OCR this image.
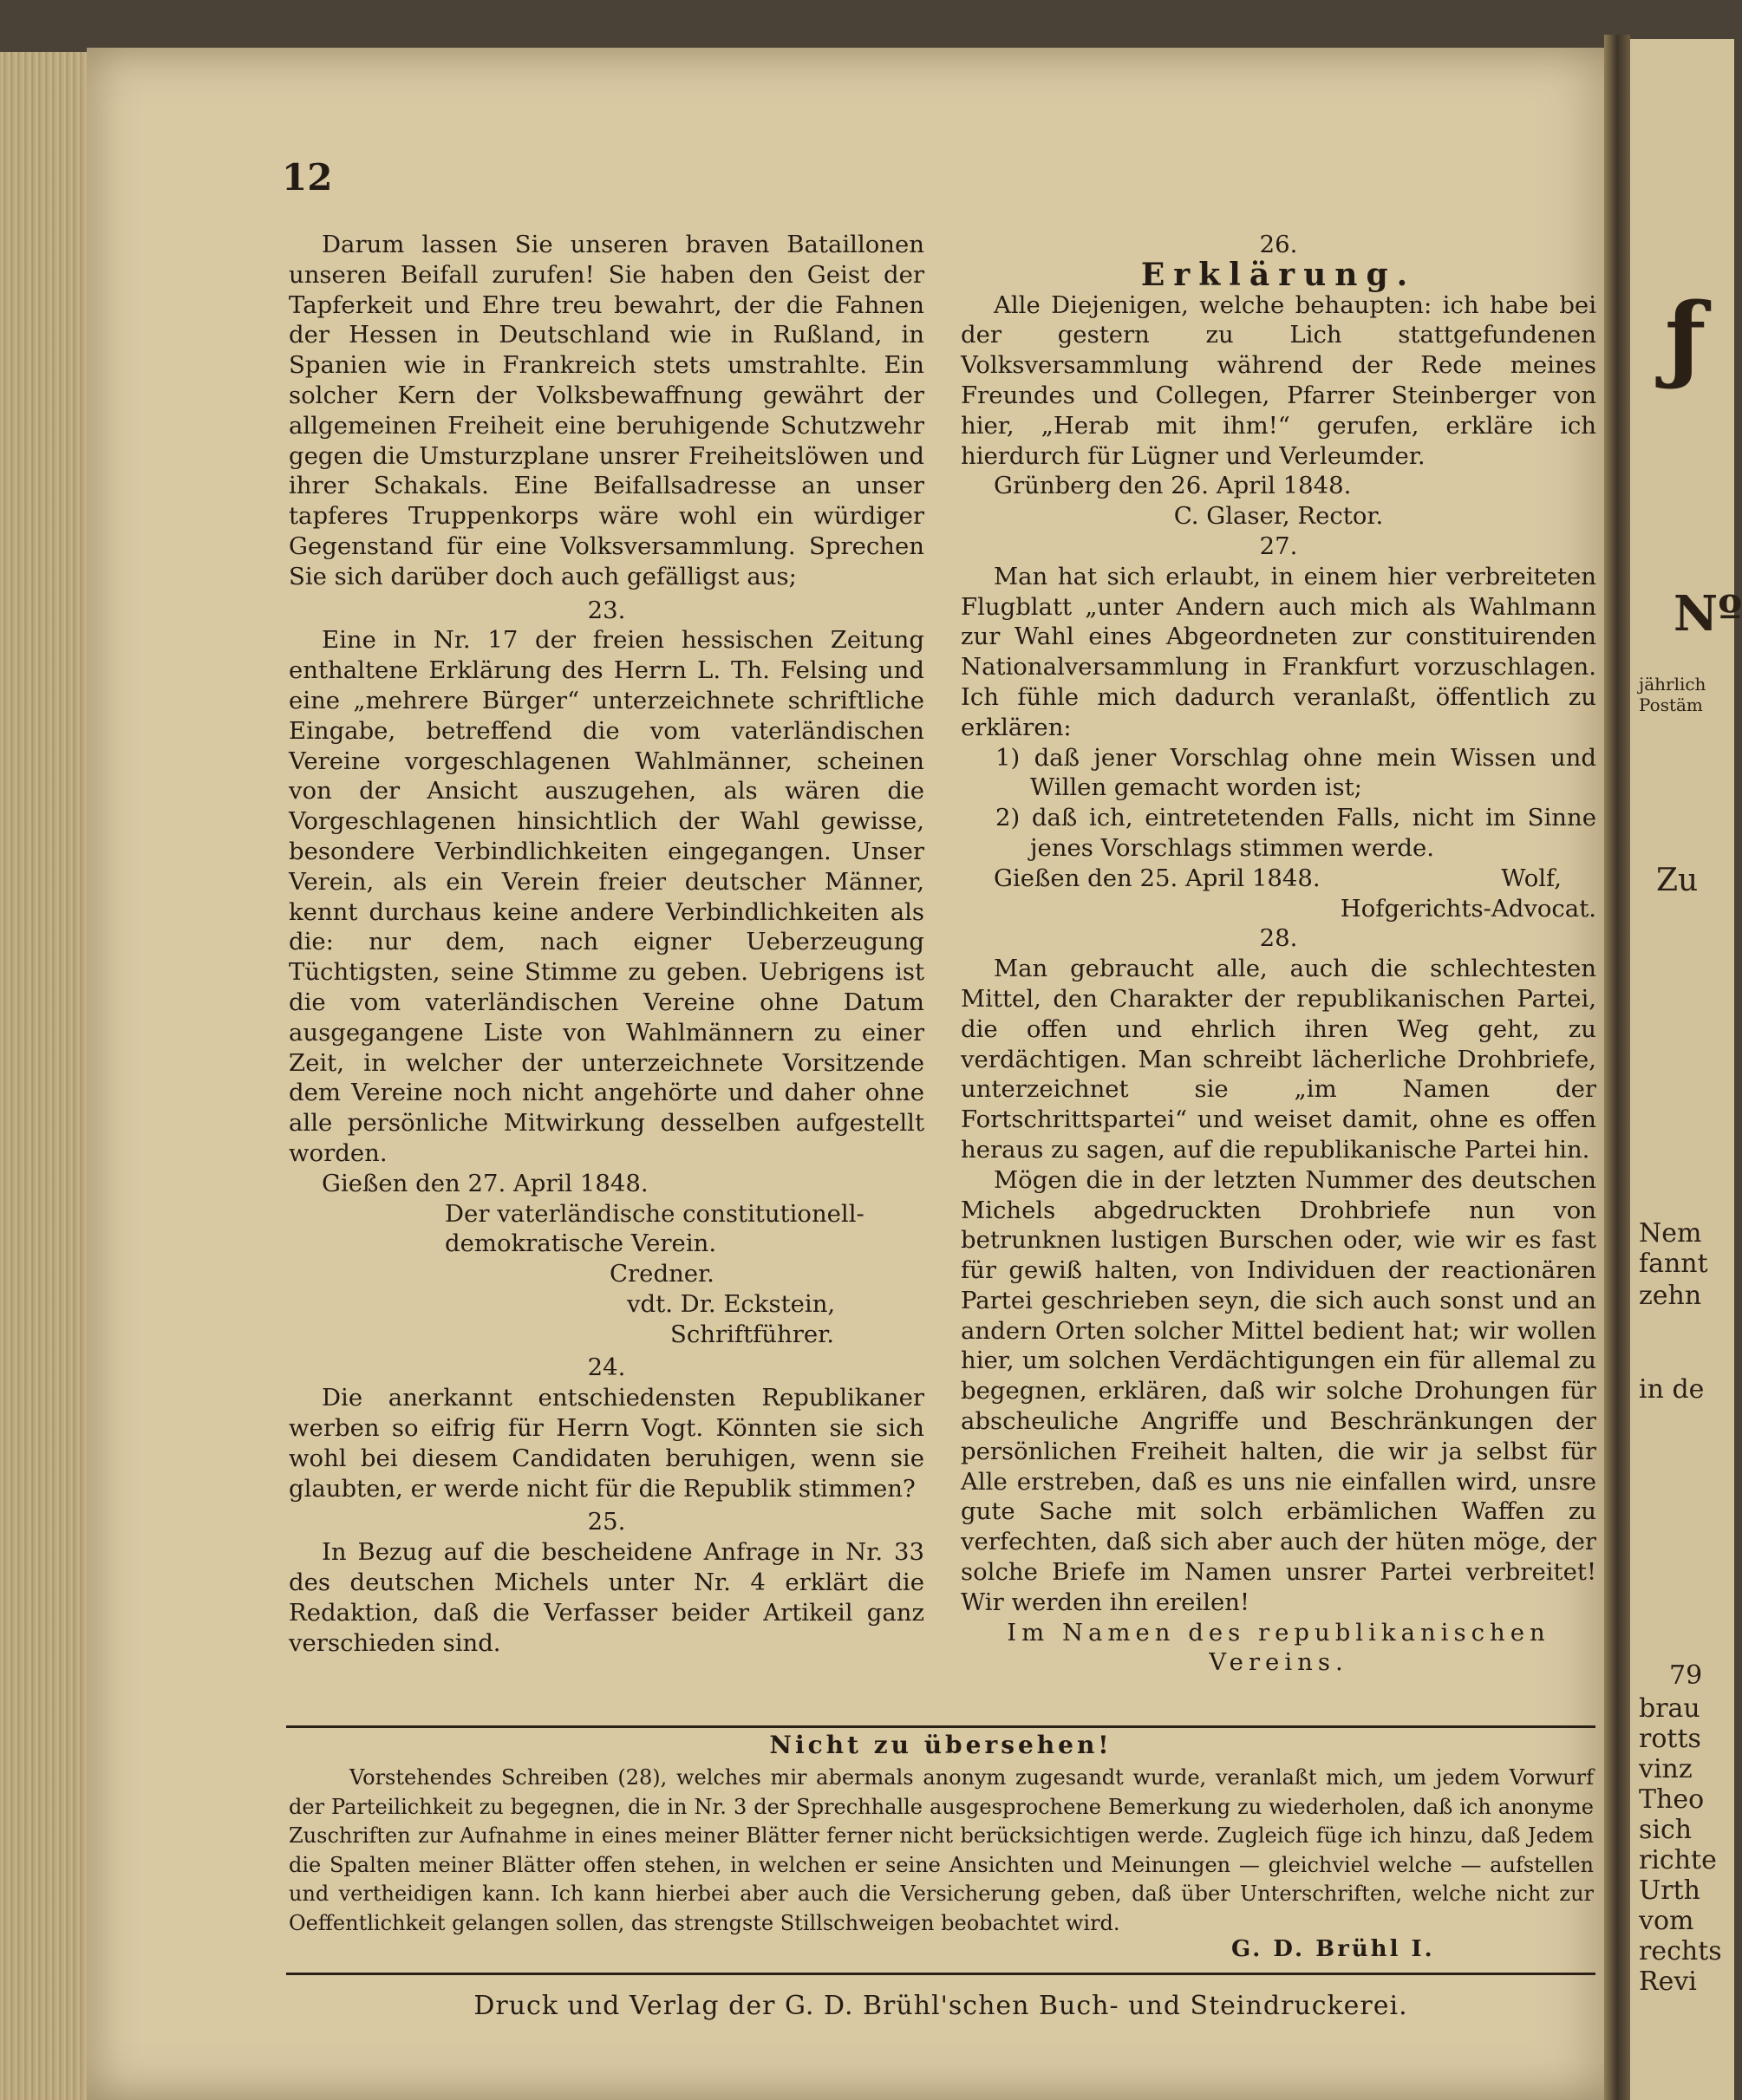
ƒ
Nº
jährlich
Postäm
Zu
Nem
fannt
zehn
in de
79
brau
rotts
vinz
Theo
sich
richte
Urth
vom
rechts
Revi
12

Darum lassen Sie unseren braven Bataillonen unseren Beifall zurufen! Sie haben den Geist der Tapferkeit und Ehre treu bewahrt, der die Fahnen der Hessen in Deutschland wie in Rußland, in Spanien wie in Frankreich stets umstrahlte. Ein solcher Kern der Volksbewaffnung gewährt der allgemeinen Freiheit eine beruhigende Schutzwehr gegen die Umsturzplane unsrer Freiheitslöwen und ihrer Schakals. Eine Beifallsadresse an unser tapferes Truppenkorps wäre wohl ein würdiger Gegenstand für eine Volksversammlung. Sprechen Sie sich darüber doch auch gefälligst aus;

23.

Eine in Nr. 17 der freien hessischen Zeitung enthaltene Erklärung des Herrn L. Th. Felsing und eine „mehrere Bürger“ unterzeichnete schriftliche Eingabe, betreffend die vom vaterländischen Vereine vorgeschlagenen Wahlmänner, scheinen von der Ansicht auszugehen, als wären die Vorgeschlagenen hinsichtlich der Wahl gewisse, besondere Verbindlichkeiten eingegangen. Unser Verein, als ein Verein freier deutscher Männer, kennt durchaus keine andere Verbindlichkeiten als die: nur dem, nach eigner Ueberzeugung Tüchtigsten, seine Stimme zu geben. Uebrigens ist die vom vaterländischen Vereine ohne Datum ausgegangene Liste von Wahlmännern zu einer Zeit, in welcher der unterzeichnete Vorsitzende dem Vereine noch nicht angehörte und daher ohne alle persönliche Mitwirkung desselben aufgestellt worden.

Gießen den 27. April 1848.

Der vaterländische constitutionell-demokratische Verein.

Credner.

vdt. Dr. Eckstein,

Schriftführer.

24.

Die anerkannt entschiedensten Republikaner werben so eifrig für Herrn Vogt. Könnten sie sich wohl bei diesem Candidaten beruhigen, wenn sie glaubten, er werde nicht für die Republik stimmen?

25.

In Bezug auf die bescheidene Anfrage in Nr. 33 des deutschen Michels unter Nr. 4 erklärt die Redaktion, daß die Verfasser beider Artikeil ganz verschieden sind.

26.

Erklärung.

Alle Diejenigen, welche behaupten: ich habe bei der gestern zu Lich stattgefundenen Volksversammlung während der Rede meines Freundes und Collegen, Pfarrer Steinberger von hier, „Herab mit ihm!“ gerufen, erkläre ich hierdurch für Lügner und Verleumder.

Grünberg den 26. April 1848.

C. Glaser, Rector.

27.

Man hat sich erlaubt, in einem hier verbreiteten Flugblatt „unter Andern auch mich als Wahlmann zur Wahl eines Abgeordneten zur constituirenden Nationalversammlung in Frankfurt vorzuschlagen. Ich fühle mich dadurch veranlaßt, öffentlich zu erklären:

1) daß jener Vorschlag ohne mein Wissen und Willen gemacht worden ist;

2) daß ich, eintretetenden Falls, nicht im Sinne jenes Vorschlags stimmen werde.

Gießen den 25. April 1848.	Wolf,

Hofgerichts-Advocat.

28.

Man gebraucht alle, auch die schlechtesten Mittel, den Charakter der republikanischen Partei, die offen und ehrlich ihren Weg geht, zu verdächtigen. Man schreibt lächerliche Drohbriefe, unterzeichnet sie „im Namen der Fortschrittspartei“ und weiset damit, ohne es offen heraus zu sagen, auf die republikanische Partei hin.

Mögen die in der letzten Nummer des deutschen Michels abgedruckten Drohbriefe nun von betrunknen lustigen Burschen oder, wie wir es fast für gewiß halten, von Individuen der reactionären Partei geschrieben seyn, die sich auch sonst und an andern Orten solcher Mittel bedient hat; wir wollen hier, um solchen Verdächtigungen ein für allemal zu begegnen, erklären, daß wir solche Drohungen für abscheuliche Angriffe und Beschränkungen der persönlichen Freiheit halten, die wir ja selbst für Alle erstreben, daß es uns nie einfallen wird, unsre gute Sache mit solch erbämlichen Waffen zu verfechten, daß sich aber auch der hüten möge, der solche Briefe im Namen unsrer Partei verbreitet! Wir werden ihn ereilen!

Im Namen des republikanischen

Vereins.

Nicht zu übersehen!

Vorstehendes Schreiben (28), welches mir abermals anonym zugesandt wurde, veranlaßt mich, um jedem Vorwurf der Parteilichkeit zu begegnen, die in Nr. 3 der Sprechhalle ausgesprochene Bemerkung zu wiederholen, daß ich anonyme Zuschriften zur Aufnahme in eines meiner Blätter ferner nicht berücksichtigen werde. Zugleich füge ich hinzu, daß Jedem die Spalten meiner Blätter offen stehen, in welchen er seine Ansichten und Meinungen — gleichviel welche — aufstellen und vertheidigen kann. Ich kann hierbei aber auch die Versicherung geben, daß über Unterschriften, welche nicht zur Oeffentlichkeit gelangen sollen, das strengste Stillschweigen beobachtet wird.

G. D. Brühl I.
Druck und Verlag der G. D. Brühl'schen Buch- und Steindruckerei.
